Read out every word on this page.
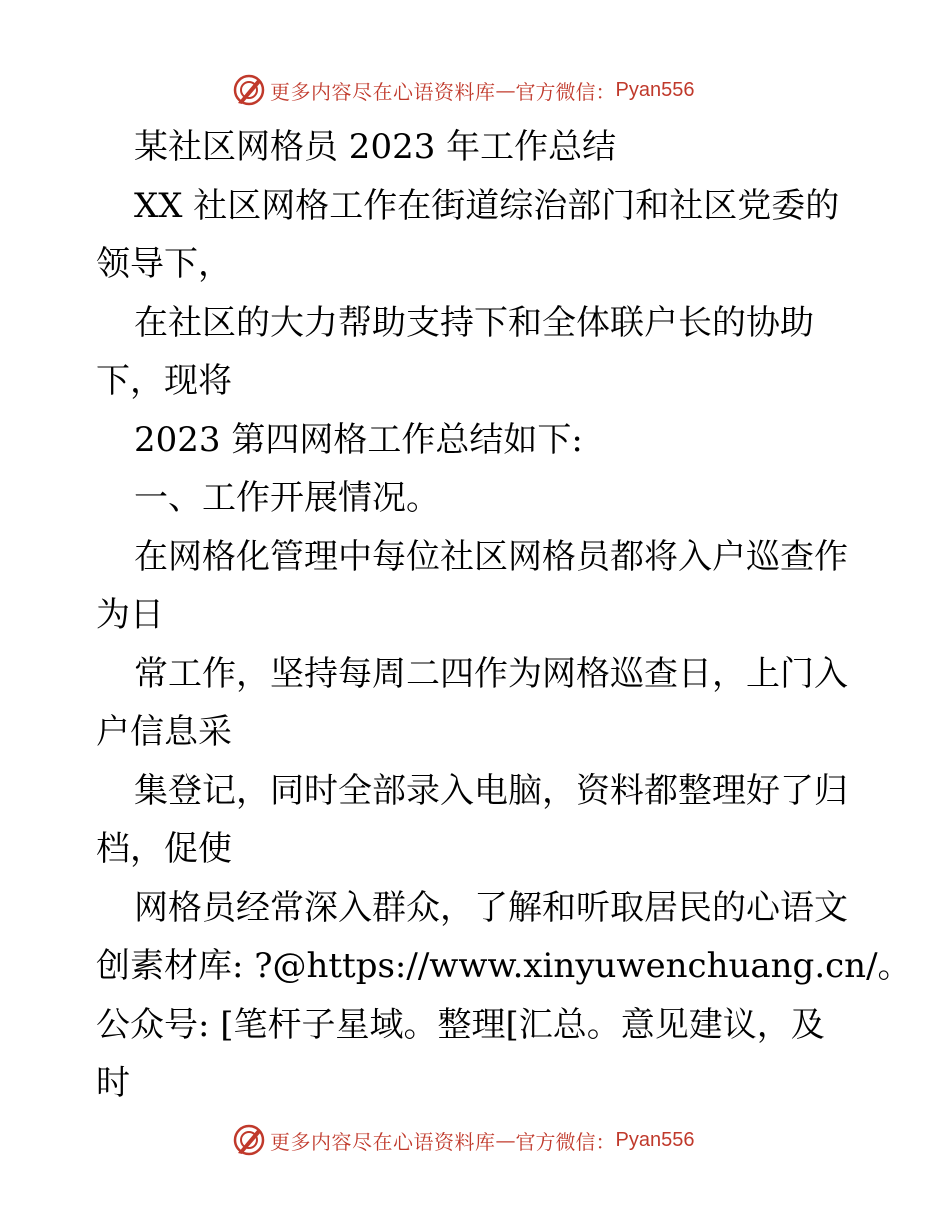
更多内容尽在心语资料库 — 官方微信： Pyan556
某社区网格员 2023 年工作总结
XX 社区网格工作在街道综治部门和社区党委的
领导下，
在社区的大力帮助支持下和全体联户长的协助
下，现将
2023 第四网格工作总结如下:
一、工作开展情况。
在网格化管理中每位社区网格员都将入户巡查作
为日
常工作，坚持每周二四作为网格巡查日，上门入
户信息采
集登记，同时全部录入电脑，资料都整理好了归
档，促使
网格员经常深入群众，了解和听取居民的心语文
创素材库: ?@https://www.xinyuwenchuang.cn/。
公众号: [笔杆子星域。整理[汇总。意见建议，及
时
更多内容尽在心语资料库 — 官方微信： Pyan556
